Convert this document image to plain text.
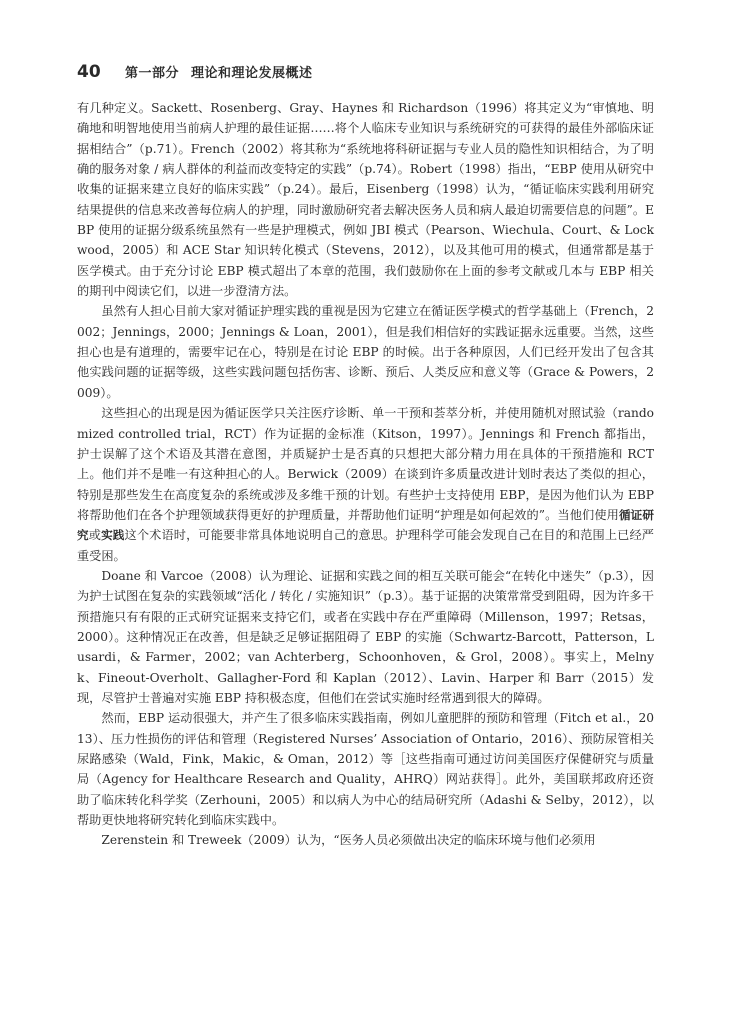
40	第一部分 理论和理论发展概述

有几种定义。Sackett、Rosenberg、Gray、Haynes 和 Richardson（1996）将其定义为“审慎地、明确地和明智地使用当前病人护理的最佳证据……将个人临床专业知识与系统研究的可获得的最佳外部临床证据相结合”（p.71）。French（2002）将其称为“系统地将科研证据与专业人员的隐性知识相结合，为了明确的服务对象 / 病人群体的利益而改变特定的实践”（p.74）。Robert（1998）指出，“EBP 使用从研究中收集的证据来建立良好的临床实践”（p.24）。最后，Eisenberg（1998）认为，“循证临床实践利用研究结果提供的信息来改善每位病人的护理，同时激励研究者去解决医务人员和病人最迫切需要信息的问题”。EBP 使用的证据分级系统虽然有一些是护理模式，例如 JBI 模式（Pearson、Wiechula、Court、& Lockwood，2005）和 ACE Star 知识转化模式（Stevens，2012），以及其他可用的模式，但通常都是基于医学模式。由于充分讨论 EBP 模式超出了本章的范围，我们鼓励你在上面的参考文献或几本与 EBP 相关的期刊中阅读它们，以进一步澄清方法。

虽然有人担心目前大家对循证护理实践的重视是因为它建立在循证医学模式的哲学基础上（French，2002；Jennings，2000；Jennings & Loan，2001），但是我们相信好的实践证据永远重要。当然，这些担心也是有道理的，需要牢记在心，特别是在讨论 EBP 的时候。出于各种原因，人们已经开发出了包含其他实践问题的证据等级，这些实践问题包括伤害、诊断、预后、人类反应和意义等（Grace & Powers，2009）。

这些担心的出现是因为循证医学只关注医疗诊断、单一干预和荟萃分析，并使用随机对照试验（randomized controlled trial，RCT）作为证据的金标准（Kitson，1997）。Jennings 和 French 都指出，护士误解了这个术语及其潜在意图，并质疑护士是否真的只想把大部分精力用在具体的干预措施和 RCT 上。他们并不是唯一有这种担心的人。Berwick（2009）在谈到许多质量改进计划时表达了类似的担心，特别是那些发生在高度复杂的系统或涉及多维干预的计划。有些护士支持使用 EBP，是因为他们认为 EBP 将帮助他们在各个护理领域获得更好的护理质量，并帮助他们证明“护理是如何起效的”。当他们使用循证研究或实践这个术语时，可能要非常具体地说明自己的意思。护理科学可能会发现自己在目的和范围上已经严重受困。

Doane 和 Varcoe（2008）认为理论、证据和实践之间的相互关联可能会“在转化中迷失”（p.3），因为护士试图在复杂的实践领域“活化 / 转化 / 实施知识”（p.3）。基于证据的决策常常受到阻碍，因为许多干预措施只有有限的正式研究证据来支持它们，或者在实践中存在严重障碍（Millenson，1997；Retsas，2000）。这种情况正在改善，但是缺乏足够证据阻碍了 EBP 的实施（Schwartz-Barcott，Patterson，Lusardi，& Farmer，2002；van Achterberg，Schoonhoven，& Grol，2008）。事实上，Melnyk、Fineout-Overholt、Gallagher-Ford 和 Kaplan（2012）、Lavin、Harper 和 Barr（2015）发现，尽管护士普遍对实施 EBP 持积极态度，但他们在尝试实施时经常遇到很大的障碍。

然而，EBP 运动很强大，并产生了很多临床实践指南，例如儿童肥胖的预防和管理（Fitch et al.，2013）、压力性损伤的评估和管理（Registered Nurses’ Association of Ontario，2016）、预防尿管相关尿路感染（Wald，Fink，Makic，& Oman，2012）等［这些指南可通过访问美国医疗保健研究与质量局（Agency for Healthcare Research and Quality，AHRQ）网站获得］。此外，美国联邦政府还资助了临床转化科学奖（Zerhouni，2005）和以病人为中心的结局研究所（Adashi & Selby，2012），以帮助更快地将研究转化到临床实践中。

Zerenstein 和 Treweek（2009）认为，“医务人员必须做出决定的临床环境与他们必须用
